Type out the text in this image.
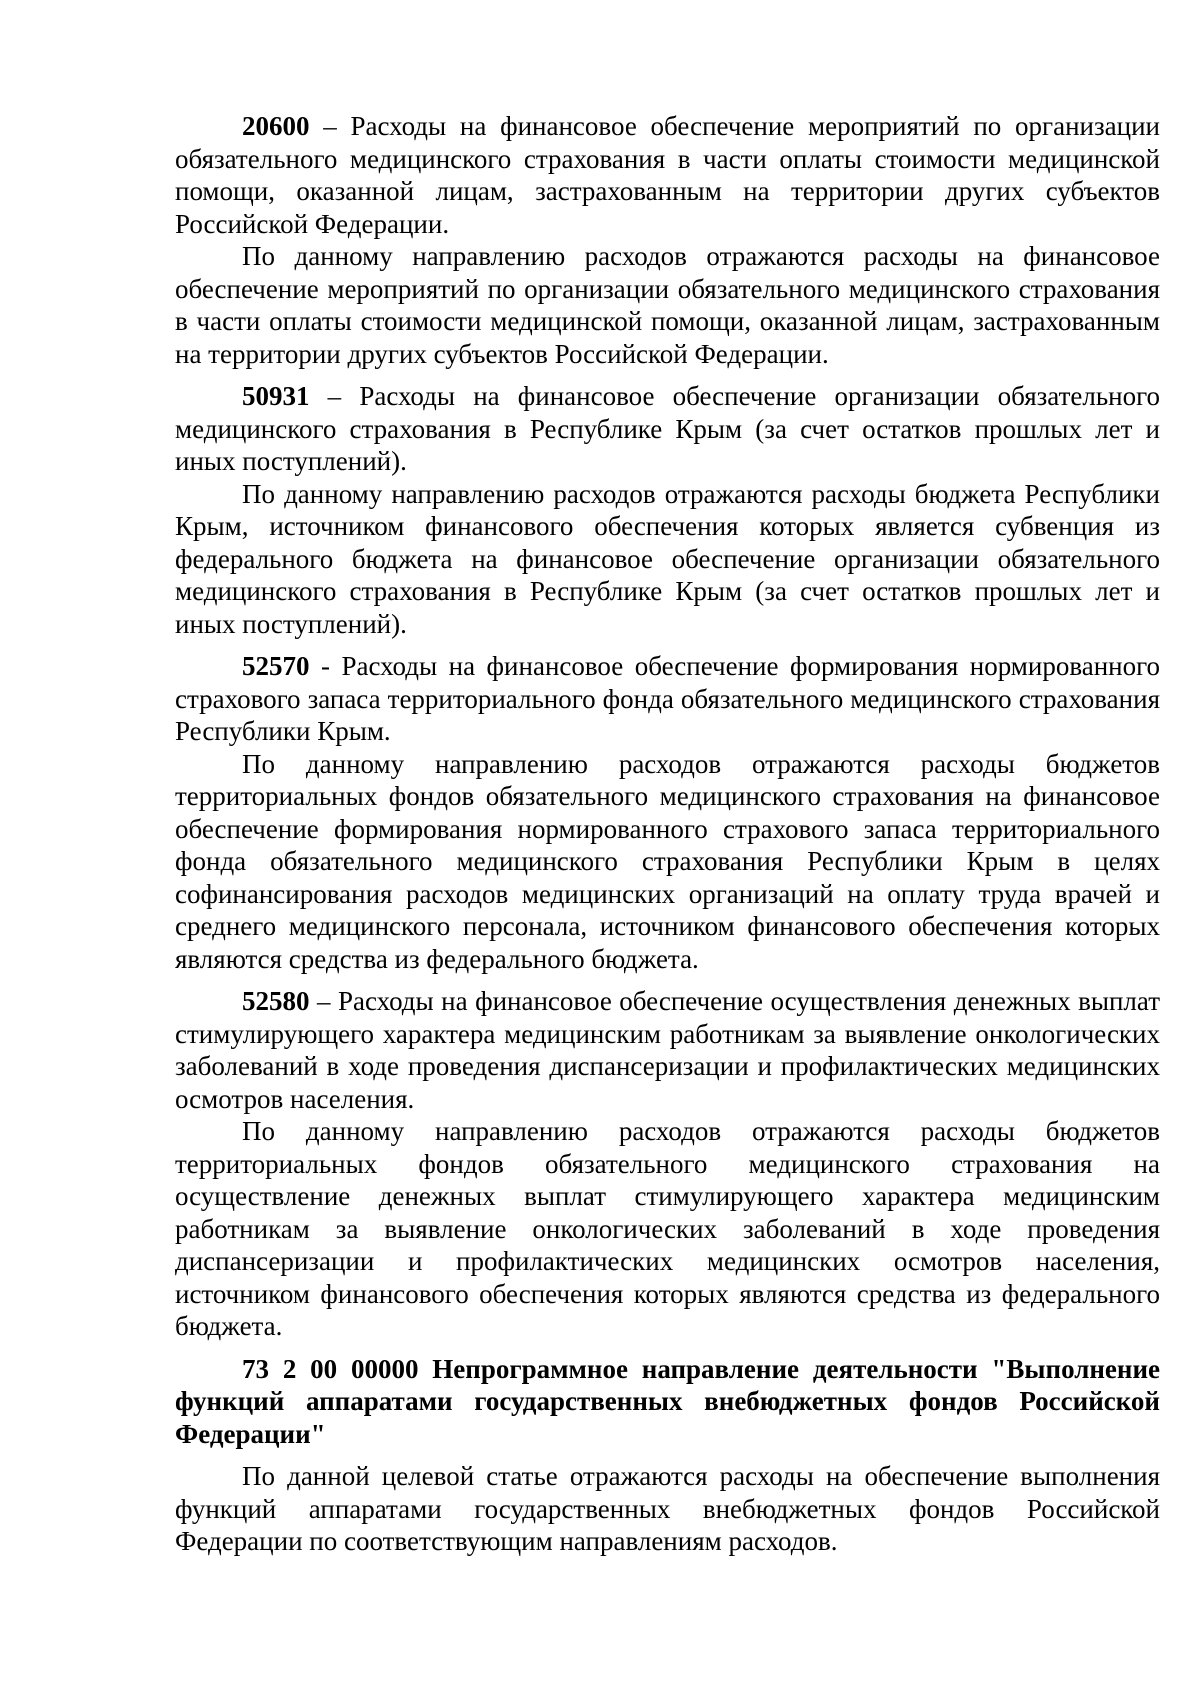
20600 – Расходы на финансовое обеспечение мероприятий по организации обязательного медицинского страхования в части оплаты стоимости медицинской помощи, оказанной лицам, застрахованным на территории других субъектов Российской Федерации.

По данному направлению расходов отражаются расходы на финансовое обеспечение мероприятий по организации обязательного медицинского страхования в части оплаты стоимости медицинской помощи, оказанной лицам, застрахованным на территории других субъектов Российской Федерации.

50931 – Расходы на финансовое обеспечение организации обязательного медицинского страхования в Республике Крым (за счет остатков прошлых лет и иных поступлений).

По данному направлению расходов отражаются расходы бюджета Республики Крым, источником финансового обеспечения которых является субвенция из федерального бюджета на финансовое обеспечение организации обязательного медицинского страхования в Республике Крым (за счет остатков прошлых лет и иных поступлений).

52570 - Расходы на финансовое обеспечение формирования нормированного страхового запаса территориального фонда обязательного медицинского страхования Республики Крым.

По данному направлению расходов отражаются расходы бюджетов территориальных фондов обязательного медицинского страхования на финансовое обеспечение формирования нормированного страхового запаса территориального фонда обязательного медицинского страхования Республики Крым в целях софинансирования расходов медицинских организаций на оплату труда врачей и среднего медицинского персонала, источником финансового обеспечения которых являются средства из федерального бюджета.

52580 – Расходы на финансовое обеспечение осуществления денежных выплат стимулирующего характера медицинским работникам за выявление онкологических заболеваний в ходе проведения диспансеризации и профилактических медицинских осмотров населения.

По данному направлению расходов отражаются расходы бюджетов территориальных фондов обязательного медицинского страхования на осуществление денежных выплат стимулирующего характера медицинским работникам за выявление онкологических заболеваний в ходе проведения диспансеризации и профилактических медицинских осмотров населения, источником финансового обеспечения которых являются средства из федерального бюджета.

73 2 00 00000 Непрограммное направление деятельности "Выполнение функций аппаратами государственных внебюджетных фондов Российской Федерации"

По данной целевой статье отражаются расходы на обеспечение выполнения функций аппаратами государственных внебюджетных фондов Российской Федерации по соответствующим направлениям расходов.
